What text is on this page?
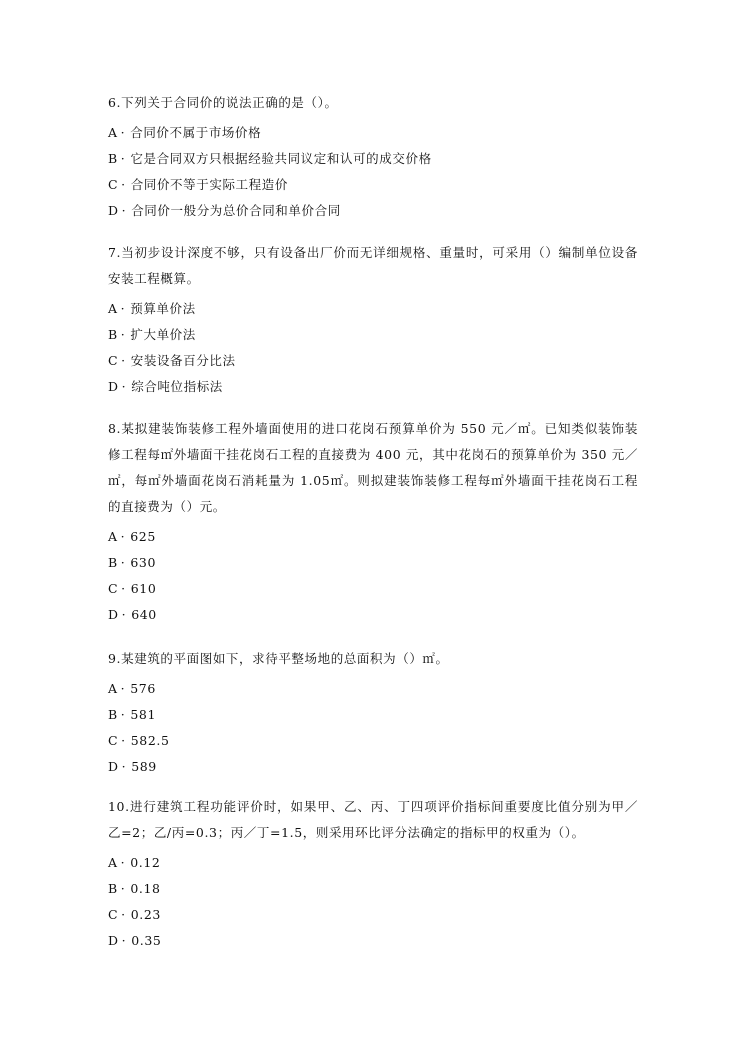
6.下列关于合同价的说法正确的是（）。
A · 合同价不属于市场价格
B · 它是合同双方只根据经验共同议定和认可的成交价格
C · 合同价不等于实际工程造价
D · 合同价一般分为总价合同和单价合同
7.当初步设计深度不够，只有设备出厂价而无详细规格、重量时，可采用（）编制单位设备安装工程概算。
A · 预算单价法
B · 扩大单价法
C · 安装设备百分比法
D · 综合吨位指标法
8.某拟建装饰装修工程外墙面使用的进口花岗石预算单价为 550 元／㎡。已知类似装饰装修工程每㎡外墙面干挂花岗石工程的直接费为 400 元，其中花岗石的预算单价为 350 元／㎡，每㎡外墙面花岗石消耗量为 1.05㎡。则拟建装饰装修工程每㎡外墙面干挂花岗石工程的直接费为（）元。
A · 625
B · 630
C · 610
D · 640
9.某建筑的平面图如下，求待平整场地的总面积为（）㎡。
A · 576
B · 581
C · 582.5
D · 589
10.进行建筑工程功能评价时，如果甲、乙、丙、丁四项评价指标间重要度比值分别为甲／乙=2；乙/丙=0.3；丙／丁=1.5，则采用环比评分法确定的指标甲的权重为（）。
A · 0.12
B · 0.18
C · 0.23
D · 0.35
